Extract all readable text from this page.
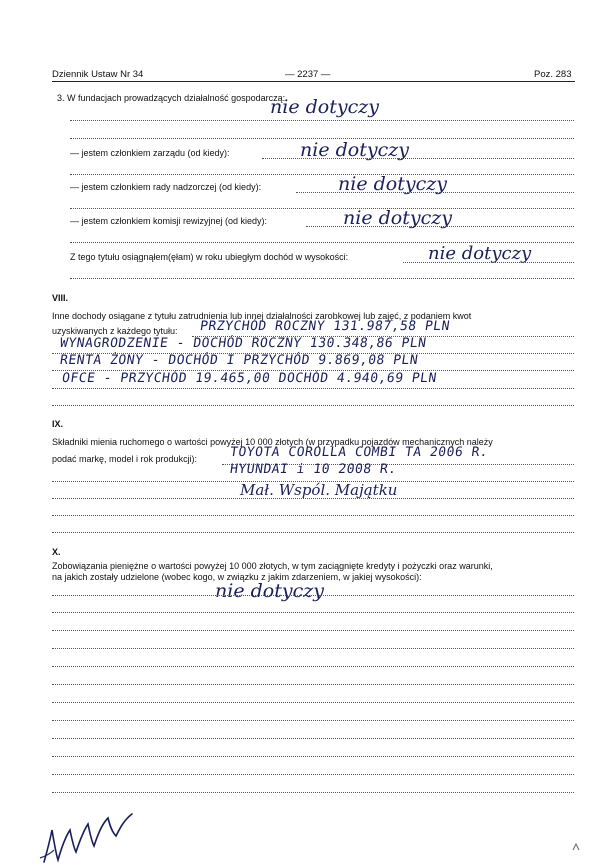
Dziennik Ustaw Nr 34	— 2237 —	Poz. 283
3. W fundacjach prowadzących działalność gospodarczą:
nie dotyczy
— jestem członkiem zarządu (od kiedy):	nie dotyczy
— jestem członkiem rady nadzorczej (od kiedy):	nie dotyczy
— jestem członkiem komisji rewizyjnej (od kiedy):	nie dotyczy
Z tego tytułu osiągnąłem(ęłam) w roku ubiegłym dochód w wysokości:	nie dotyczy
VIII.
Inne dochody osiągane z tytułu zatrudnienia lub innej działalności zarobkowej lub zajęć, z podaniem kwot
uzyskiwanych z każdego tytułu: PRZYCHÓD ROCZNY 131.987,58 PLN
WYNAGRODZENIE - DOCHÓD ROCZNY 130.348,86 PLN
RENTA ŻONY - DOCHÓD I PRZYCHÓD 9.869,08 PLN
OFCE - PRZYCHÓD 19.465,00 DOCHÓD 4.940,69 PLN
IX.
Składniki mienia ruchomego o wartości powyżej 10 000 złotych (w przypadku pojazdów mechanicznych należy
podać markę, model i rok produkcji): TOYOTA COROLLA COMBI TA 2006 R.
HYUNDAI i 10 2008 R.
Mał. Wspól. Majątku
X.
Zobowiązania pieniężne o wartości powyżej 10 000 złotych, w tym zaciągnięte kredyty i pożyczki oraz warunki,
na jakich zostały udzielone (wobec kogo, w związku z jakim zdarzeniem, w jakiej wysokości):
nie dotyczy
